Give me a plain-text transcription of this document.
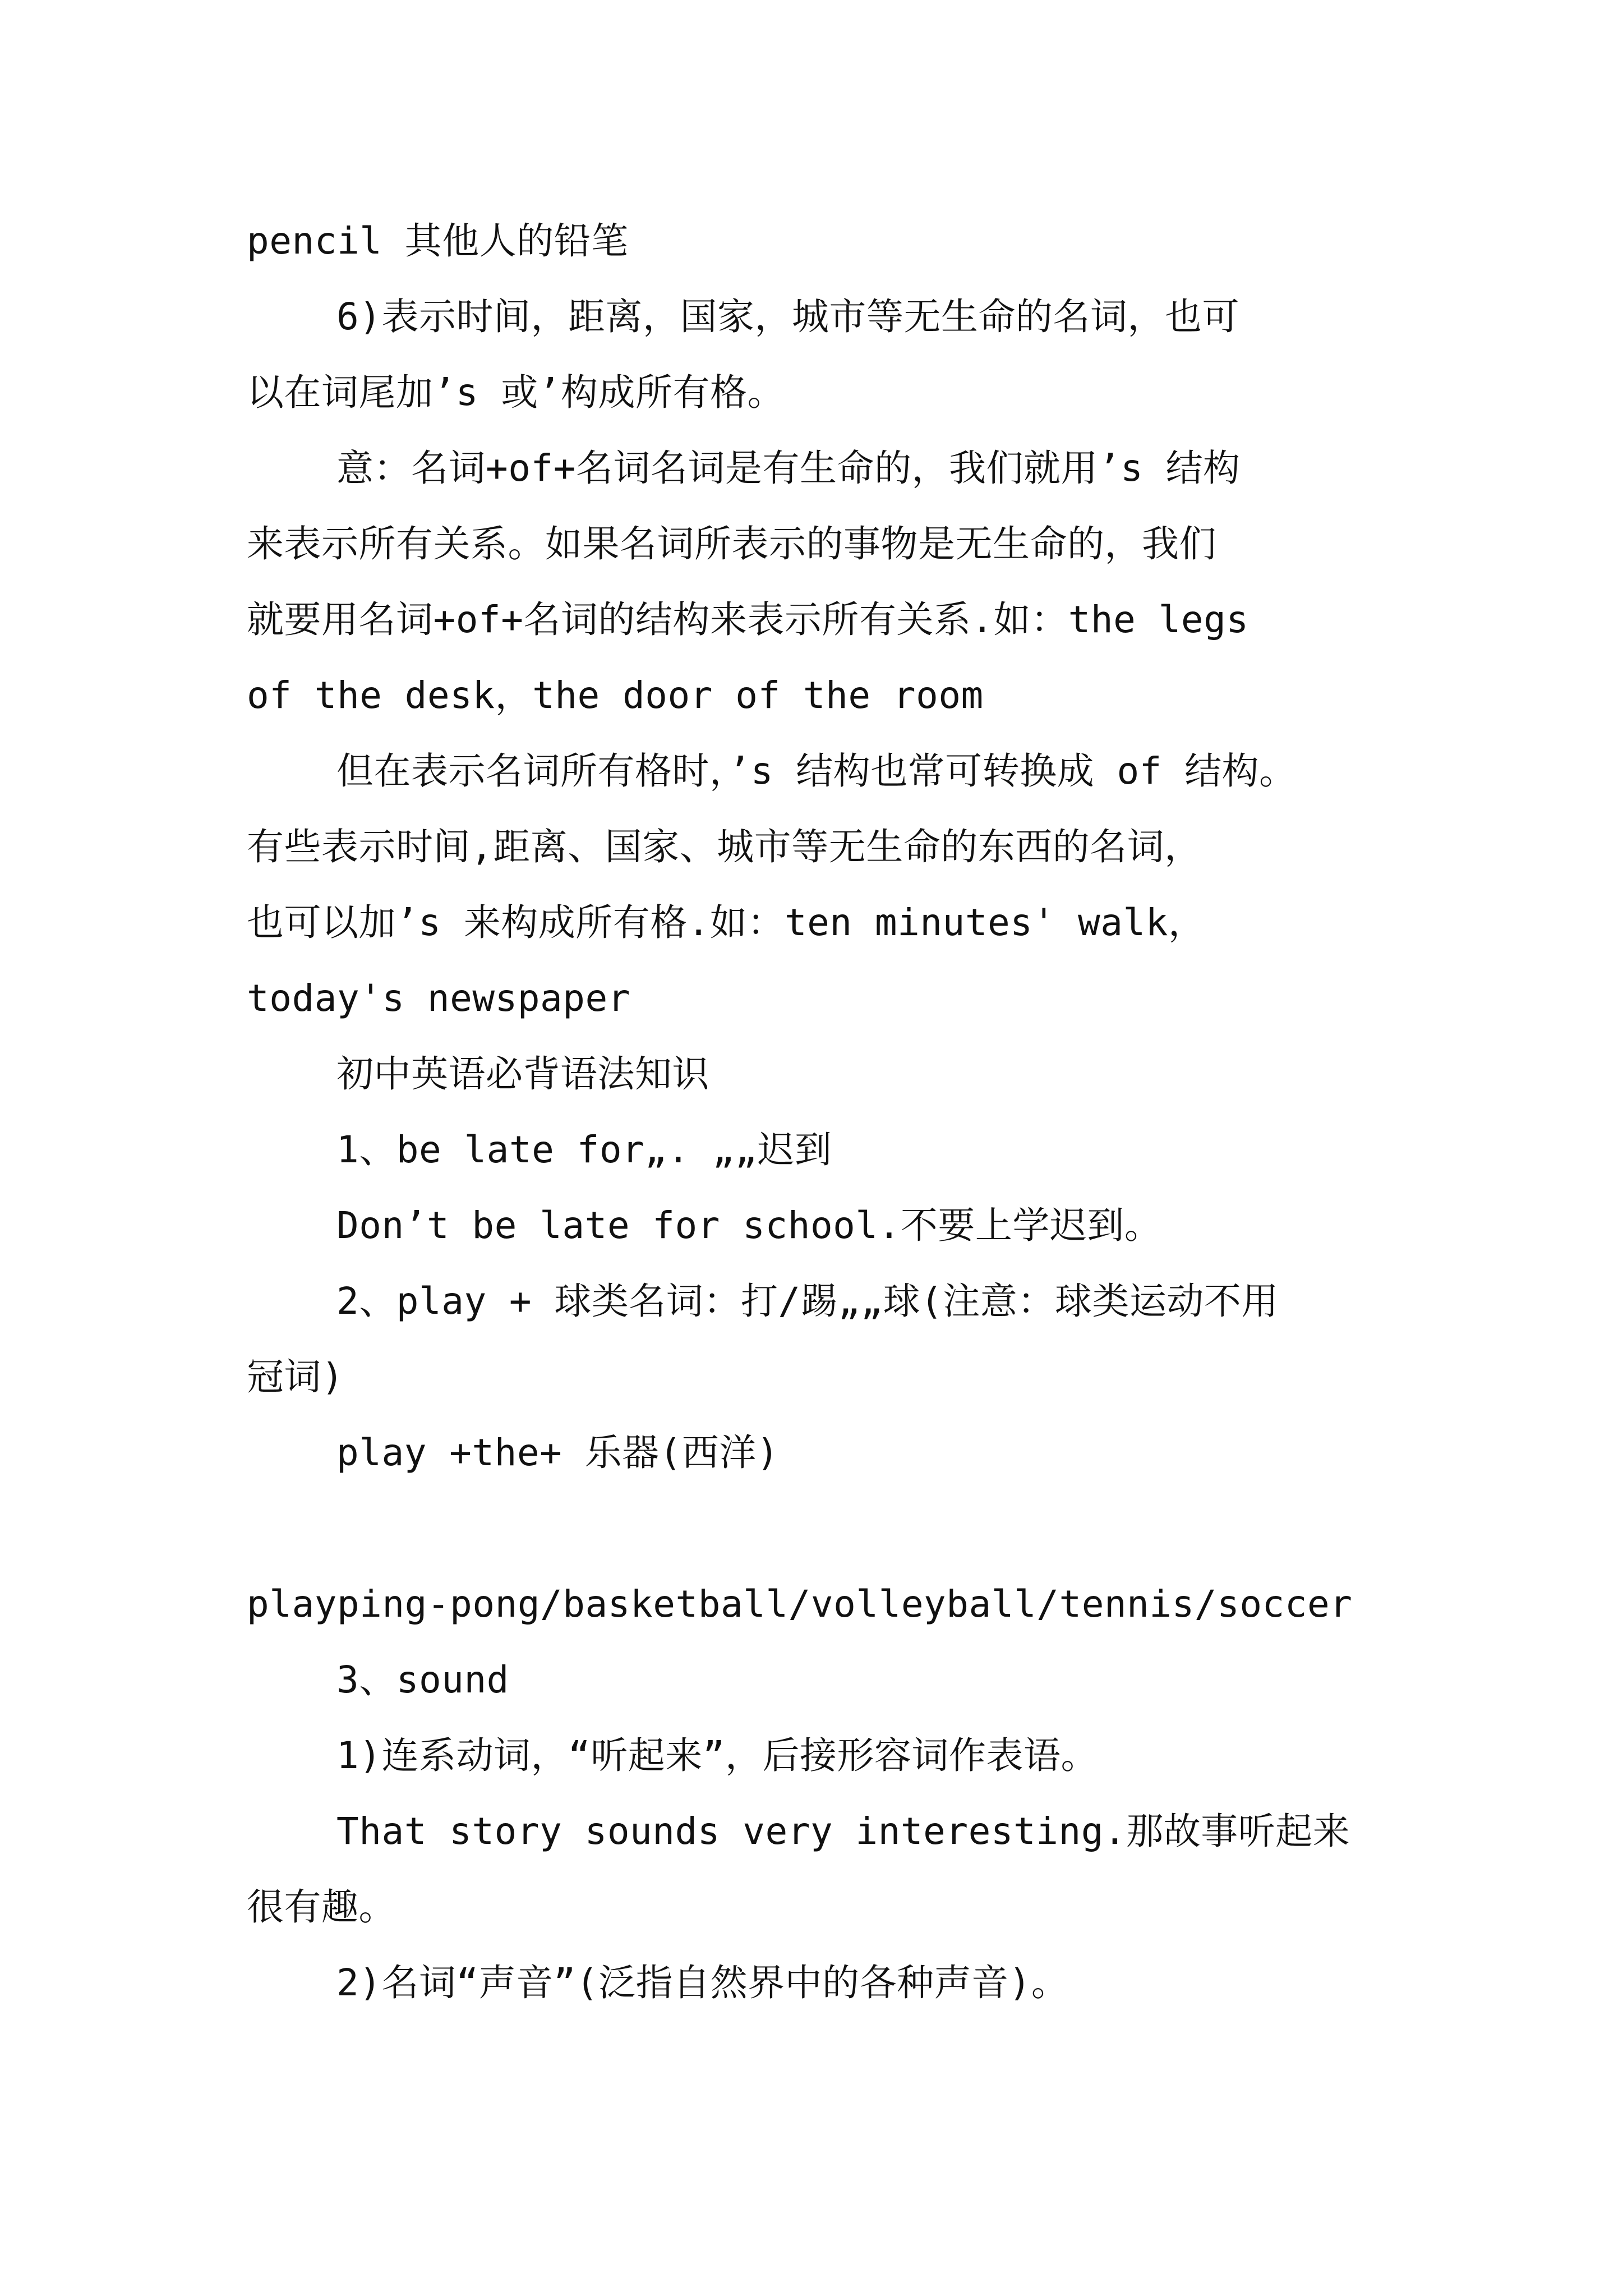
pencil 其他人的铅笔
6)表示时间，距离，国家，城市等无生命的名词，也可
以在词尾加’s 或’构成所有格。
意：名词+of+名词名词是有生命的，我们就用’s 结构
来表示所有关系。如果名词所表示的事物是无生命的，我们
就要用名词+of+名词的结构来表示所有关系.如：the legs
of the desk，the door of the room
但在表示名词所有格时，’s 结构也常可转换成 of 结构。
有些表示时间,距离、国家、城市等无生命的东西的名词，
也可以加’s 来构成所有格.如：ten minutes' walk，
today's newspaper
初中英语必背语法知识
1、be late for„. „„迟到
Don’t be late for school.不要上学迟到。
2、play + 球类名词：打/踢„„球(注意：球类运动不用
冠词)
play +the+ 乐器(西洋)
playping-pong/basketball/volleyball/tennis/soccer
3、sound
1)连系动词，“听起来”，后接形容词作表语。
That story sounds very interesting.那故事听起来
很有趣。
2)名词“声音”(泛指自然界中的各种声音)。
